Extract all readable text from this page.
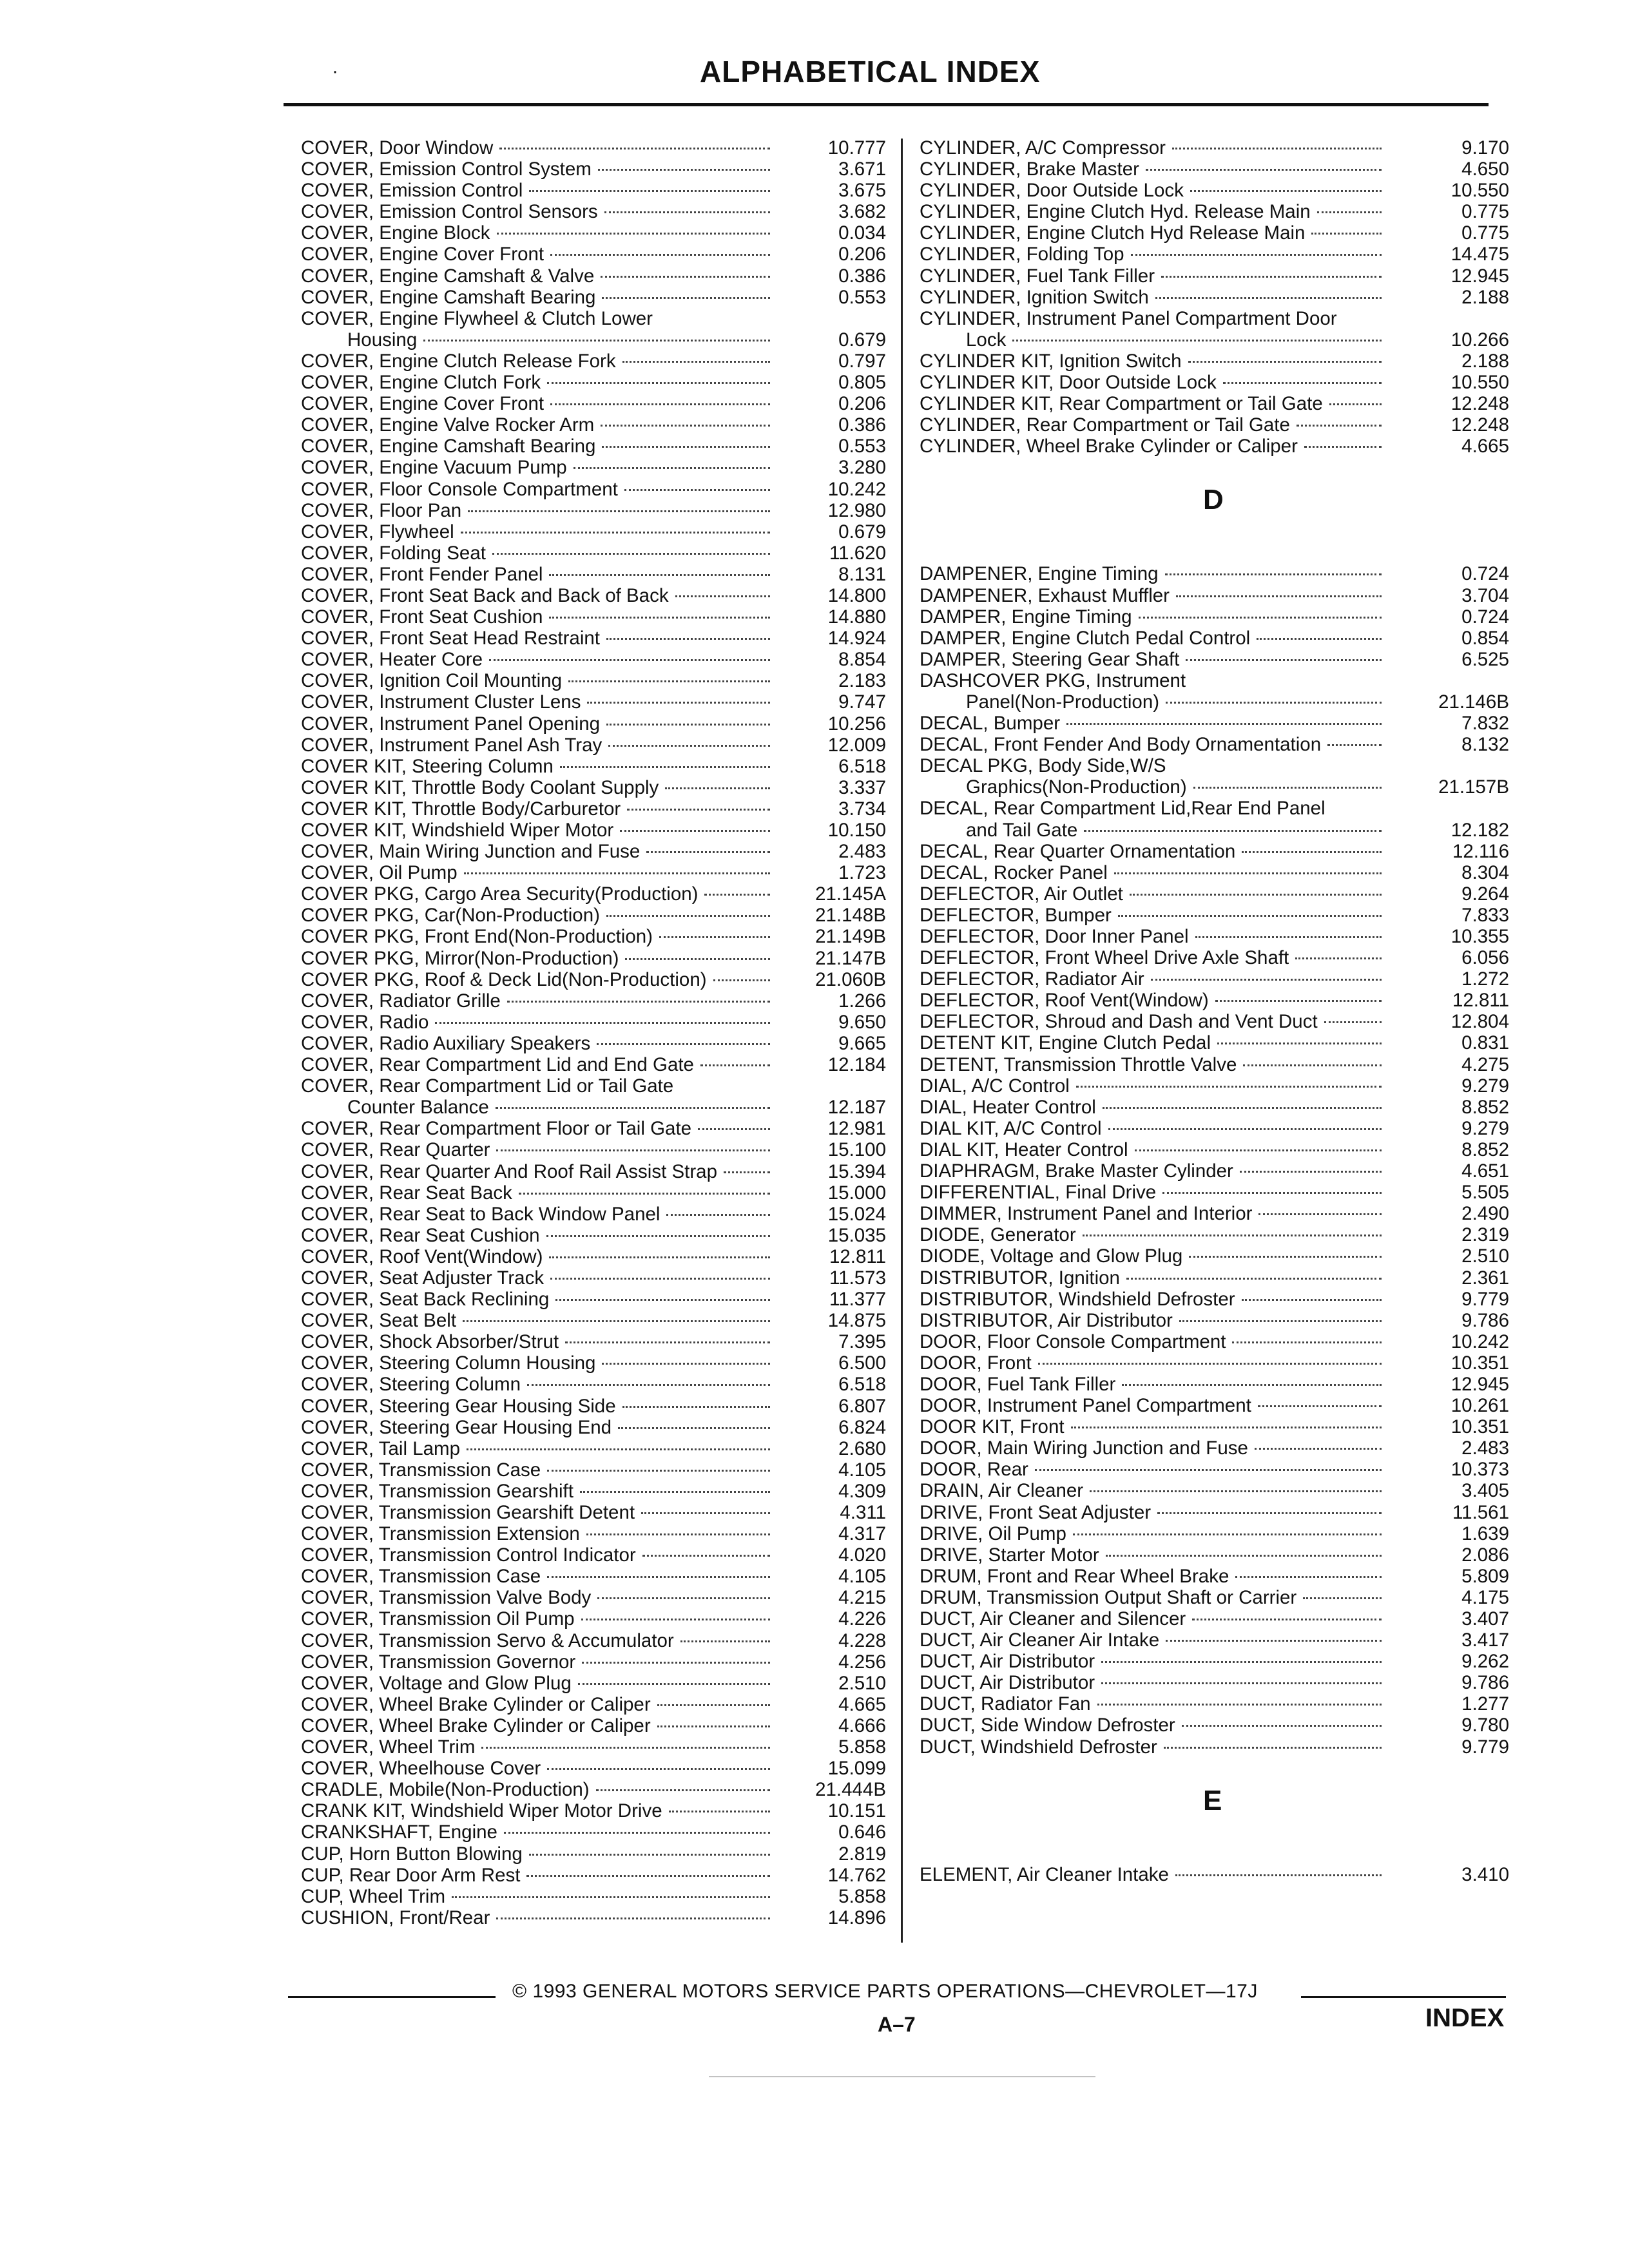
·	ALPHABETICAL INDEX
COVER, Door Window	10.777
COVER, Emission Control System	3.671
COVER, Emission Control	3.675
COVER, Emission Control Sensors	3.682
COVER, Engine Block	0.034
COVER, Engine Cover Front	0.206
COVER, Engine Camshaft & Valve	0.386
COVER, Engine Camshaft Bearing	0.553
COVER, Engine Flywheel & Clutch Lower
Housing	0.679
COVER, Engine Clutch Release Fork	0.797
COVER, Engine Clutch Fork	0.805
COVER, Engine Cover Front	0.206
COVER, Engine Valve Rocker Arm	0.386
COVER, Engine Camshaft Bearing	0.553
COVER, Engine Vacuum Pump	3.280
COVER, Floor Console Compartment	10.242
COVER, Floor Pan	12.980
COVER, Flywheel	0.679
COVER, Folding Seat	11.620
COVER, Front Fender Panel	8.131
COVER, Front Seat Back and Back of Back	14.800
COVER, Front Seat Cushion	14.880
COVER, Front Seat Head Restraint	14.924
COVER, Heater Core	8.854
COVER, Ignition Coil Mounting	2.183
COVER, Instrument Cluster Lens	9.747
COVER, Instrument Panel Opening	10.256
COVER, Instrument Panel Ash Tray	12.009
COVER KIT, Steering Column	6.518
COVER KIT, Throttle Body Coolant Supply	3.337
COVER KIT, Throttle Body/Carburetor	3.734
COVER KIT, Windshield Wiper Motor	10.150
COVER, Main Wiring Junction and Fuse	2.483
COVER, Oil Pump	1.723
COVER PKG, Cargo Area Security(Production)	21.145A
COVER PKG, Car(Non-Production)	21.148B
COVER PKG, Front End(Non-Production)	21.149B
COVER PKG, Mirror(Non-Production)	21.147B
COVER PKG, Roof & Deck Lid(Non-Production)	21.060B
COVER, Radiator Grille	1.266
COVER, Radio	9.650
COVER, Radio Auxiliary Speakers	9.665
COVER, Rear Compartment Lid and End Gate	12.184
COVER, Rear Compartment Lid or Tail Gate
Counter Balance	12.187
COVER, Rear Compartment Floor or Tail Gate	12.981
COVER, Rear Quarter	15.100
COVER, Rear Quarter And Roof Rail Assist Strap	15.394
COVER, Rear Seat Back	15.000
COVER, Rear Seat to Back Window Panel	15.024
COVER, Rear Seat Cushion	15.035
COVER, Roof Vent(Window)	12.811
COVER, Seat Adjuster Track	11.573
COVER, Seat Back Reclining	11.377
COVER, Seat Belt	14.875
COVER, Shock Absorber/Strut	7.395
COVER, Steering Column Housing	6.500
COVER, Steering Column	6.518
COVER, Steering Gear Housing Side	6.807
COVER, Steering Gear Housing End	6.824
COVER, Tail Lamp	2.680
COVER, Transmission Case	4.105
COVER, Transmission Gearshift	4.309
COVER, Transmission Gearshift Detent	4.311
COVER, Transmission Extension	4.317
COVER, Transmission Control Indicator	4.020
COVER, Transmission Case	4.105
COVER, Transmission Valve Body	4.215
COVER, Transmission Oil Pump	4.226
COVER, Transmission Servo & Accumulator	4.228
COVER, Transmission Governor	4.256
COVER, Voltage and Glow Plug	2.510
COVER, Wheel Brake Cylinder or Caliper	4.665
COVER, Wheel Brake Cylinder or Caliper	4.666
COVER, Wheel Trim	5.858
COVER, Wheelhouse Cover	15.099
CRADLE, Mobile(Non-Production)	21.444B
CRANK KIT, Windshield Wiper Motor Drive	10.151
CRANKSHAFT, Engine	0.646
CUP, Horn Button Blowing	2.819
CUP, Rear Door Arm Rest	14.762
CUP, Wheel Trim	5.858
CUSHION, Front/Rear	14.896
CYLINDER, A/C Compressor	9.170
CYLINDER, Brake Master	4.650
CYLINDER, Door Outside Lock	10.550
CYLINDER, Engine Clutch Hyd. Release Main	0.775
CYLINDER, Engine Clutch Hyd Release Main	0.775
CYLINDER, Folding Top	14.475
CYLINDER, Fuel Tank Filler	12.945
CYLINDER, Ignition Switch	2.188
CYLINDER, Instrument Panel Compartment Door
Lock	10.266
CYLINDER KIT, Ignition Switch	2.188
CYLINDER KIT, Door Outside Lock	10.550
CYLINDER KIT, Rear Compartment or Tail Gate	12.248
CYLINDER, Rear Compartment or Tail Gate	12.248
CYLINDER, Wheel Brake Cylinder or Caliper	4.665
D
DAMPENER, Engine Timing	0.724
DAMPENER, Exhaust Muffler	3.704
DAMPER, Engine Timing	0.724
DAMPER, Engine Clutch Pedal Control	0.854
DAMPER, Steering Gear Shaft	6.525
DASHCOVER PKG, Instrument
Panel(Non-Production)	21.146B
DECAL, Bumper	7.832
DECAL, Front Fender And Body Ornamentation	8.132
DECAL PKG, Body Side,W/S
Graphics(Non-Production)	21.157B
DECAL, Rear Compartment Lid,Rear End Panel
and Tail Gate	12.182
DECAL, Rear Quarter Ornamentation	12.116
DECAL, Rocker Panel	8.304
DEFLECTOR, Air Outlet	9.264
DEFLECTOR, Bumper	7.833
DEFLECTOR, Door Inner Panel	10.355
DEFLECTOR, Front Wheel Drive Axle Shaft	6.056
DEFLECTOR, Radiator Air	1.272
DEFLECTOR, Roof Vent(Window)	12.811
DEFLECTOR, Shroud and Dash and Vent Duct	12.804
DETENT KIT, Engine Clutch Pedal	0.831
DETENT, Transmission Throttle Valve	4.275
DIAL, A/C Control	9.279
DIAL, Heater Control	8.852
DIAL KIT, A/C Control	9.279
DIAL KIT, Heater Control	8.852
DIAPHRAGM, Brake Master Cylinder	4.651
DIFFERENTIAL, Final Drive	5.505
DIMMER, Instrument Panel and Interior	2.490
DIODE, Generator	2.319
DIODE, Voltage and Glow Plug	2.510
DISTRIBUTOR, Ignition	2.361
DISTRIBUTOR, Windshield Defroster	9.779
DISTRIBUTOR, Air Distributor	9.786
DOOR, Floor Console Compartment	10.242
DOOR, Front	10.351
DOOR, Fuel Tank Filler	12.945
DOOR, Instrument Panel Compartment	10.261
DOOR KIT, Front	10.351
DOOR, Main Wiring Junction and Fuse	2.483
DOOR, Rear	10.373
DRAIN, Air Cleaner	3.405
DRIVE, Front Seat Adjuster	11.561
DRIVE, Oil Pump	1.639
DRIVE, Starter Motor	2.086
DRUM, Front and Rear Wheel Brake	5.809
DRUM, Transmission Output Shaft or Carrier	4.175
DUCT, Air Cleaner and Silencer	3.407
DUCT, Air Cleaner Air Intake	3.417
DUCT, Air Distributor	9.262
DUCT, Air Distributor	9.786
DUCT, Radiator Fan	1.277
DUCT, Side Window Defroster	9.780
DUCT, Windshield Defroster	9.779
E
ELEMENT, Air Cleaner Intake	3.410
© 1993 GENERAL MOTORS SERVICE PARTS OPERATIONS—CHEVROLET—17J
A–7	INDEX
